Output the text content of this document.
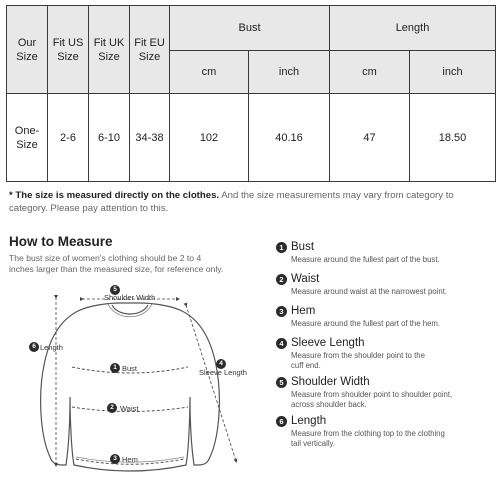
Our Size	Fit US Size	Fit UK Size	Fit EU Size	Bust		Length	
				cm	inch	cm	inch
One-Size	2-6	6-10	34-38	102	40.16	47	18.50
* The size is measured directly on the clothes. And the size measurements may vary from category to category. Please pay attention to this.
How to Measure
The bust size of women's clothing should be 2 to 4 inches larger than the measured size, for reference only.
5
Shoulder Width
6 Length
4
Sleeve Length
1 Bust
2 Waist
3 Hem
1 Bust
Measure around the fullest part of the bust.
2 Waist
Measure around waist at the narrowest point.
3 Hem
Measure around the fullest part of the hem.
4 Sleeve Length
Measure from the shoulder point to the cuff end.
5 Shoulder Width
Measure from shoulder point to shoulder point, across shoulder back.
6 Length
Measure from the clothing top to the clothing tail vertically.
